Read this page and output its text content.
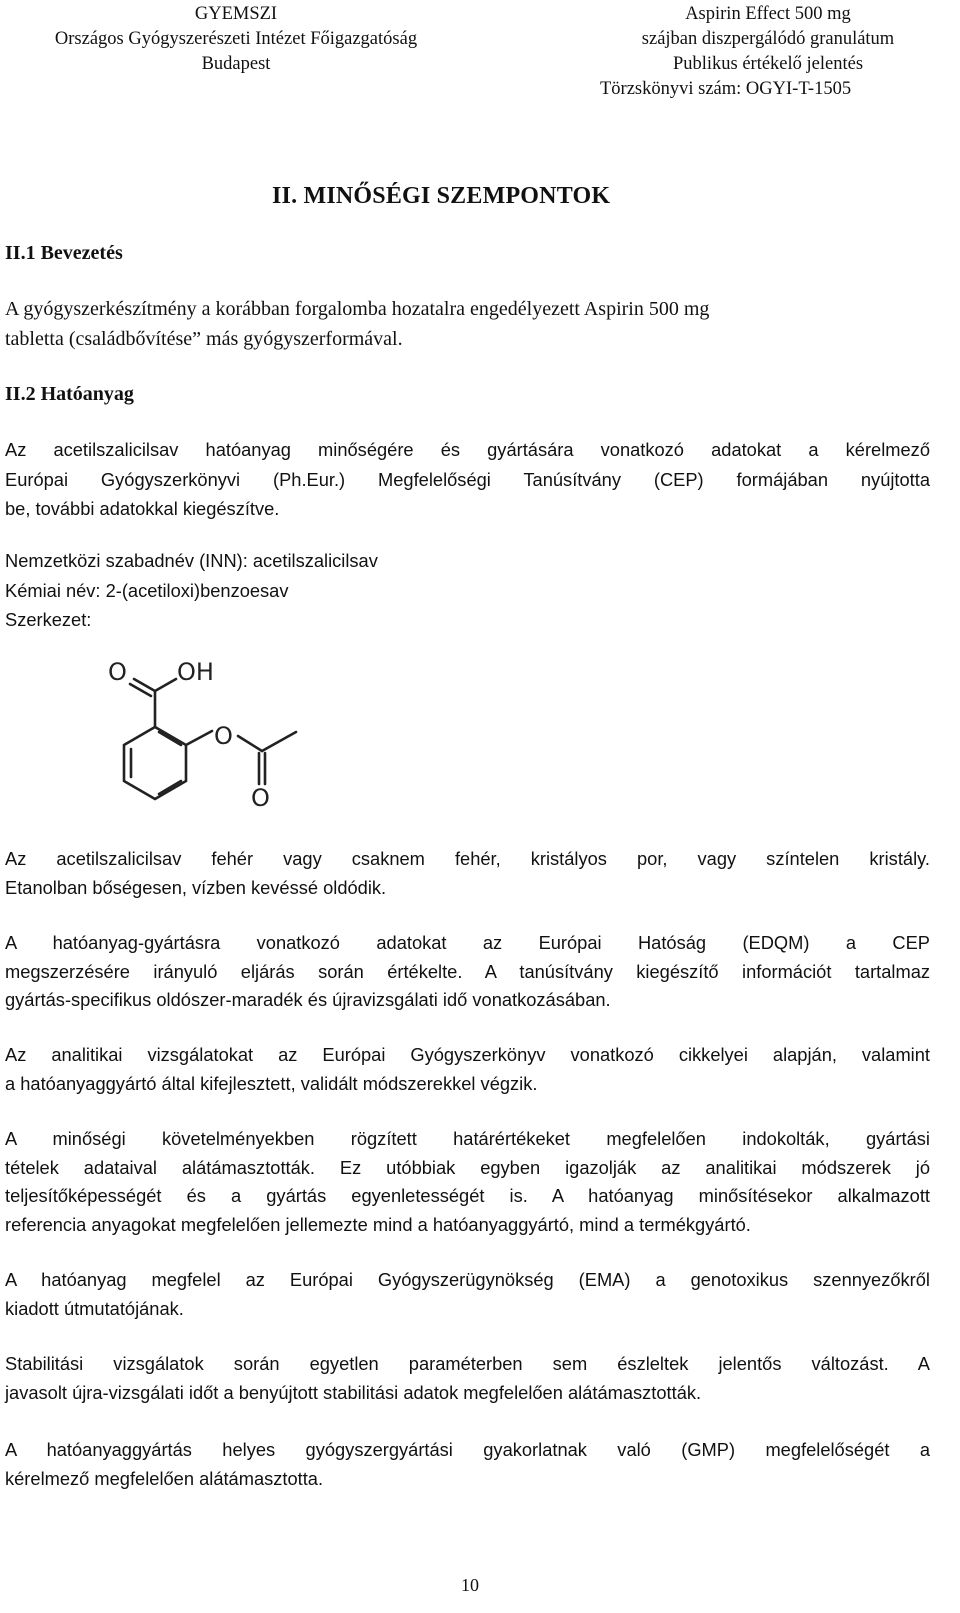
GYEMSZI
Országos Gyógyszerészeti Intézet Főigazgatóság
Budapest
Aspirin Effect 500 mg
szájban diszpergálódó granulátum
Publikus értékelő jelentés
Törzskönyvi szám: OGYI-T-1505
II. MINŐSÉGI SZEMPONTOK
II.1 Bevezetés
A gyógyszerkészítmény a korábban forgalomba hozatalra engedélyezett Aspirin 500 mg
tabletta (családbővítése” más gyógyszerformával.
II.2 Hatóanyag
Az acetilszalicilsav hatóanyag minőségére és gyártására vonatkozó adatokat a kérelmező
Európai Gyógyszerkönyvi (Ph.Eur.) Megfelelőségi Tanúsítvány (CEP) formájában nyújtotta
be, további adatokkal kiegészítve.
Nemzetközi szabadnév (INN): acetilszalicilsav
Kémiai név: 2-(acetiloxi)benzoesav
Szerkezet:
O OH
O
O
Az acetilszalicilsav fehér vagy csaknem fehér, kristályos por, vagy színtelen kristály.
Etanolban bőségesen, vízben kevéssé oldódik.
A hatóanyag-gyártásra vonatkozó adatokat az Európai Hatóság (EDQM) a CEP
megszerzésére irányuló eljárás során értékelte. A tanúsítvány kiegészítő információt tartalmaz
gyártás-specifikus oldószer-maradék és újravizsgálati idő vonatkozásában.
Az analitikai vizsgálatokat az Európai Gyógyszerkönyv vonatkozó cikkelyei alapján, valamint
a hatóanyaggyártó által kifejlesztett, validált módszerekkel végzik.
A minőségi követelményekben rögzített határértékeket megfelelően indokolták, gyártási
tételek adataival alátámasztották. Ez utóbbiak egyben igazolják az analitikai módszerek jó
teljesítőképességét és a gyártás egyenletességét is. A hatóanyag minősítésekor alkalmazott
referencia anyagokat megfelelően jellemezte mind a hatóanyaggyártó, mind a termékgyártó.
A hatóanyag megfelel az Európai Gyógyszerügynökség (EMA) a genotoxikus szennyezőkről
kiadott útmutatójának.
Stabilitási vizsgálatok során egyetlen paraméterben sem észleltek jelentős változást. A
javasolt újra-vizsgálati időt a benyújtott stabilitási adatok megfelelően alátámasztották.
A hatóanyaggyártás helyes gyógyszergyártási gyakorlatnak való (GMP) megfelelőségét a
kérelmező megfelelően alátámasztotta.
10
